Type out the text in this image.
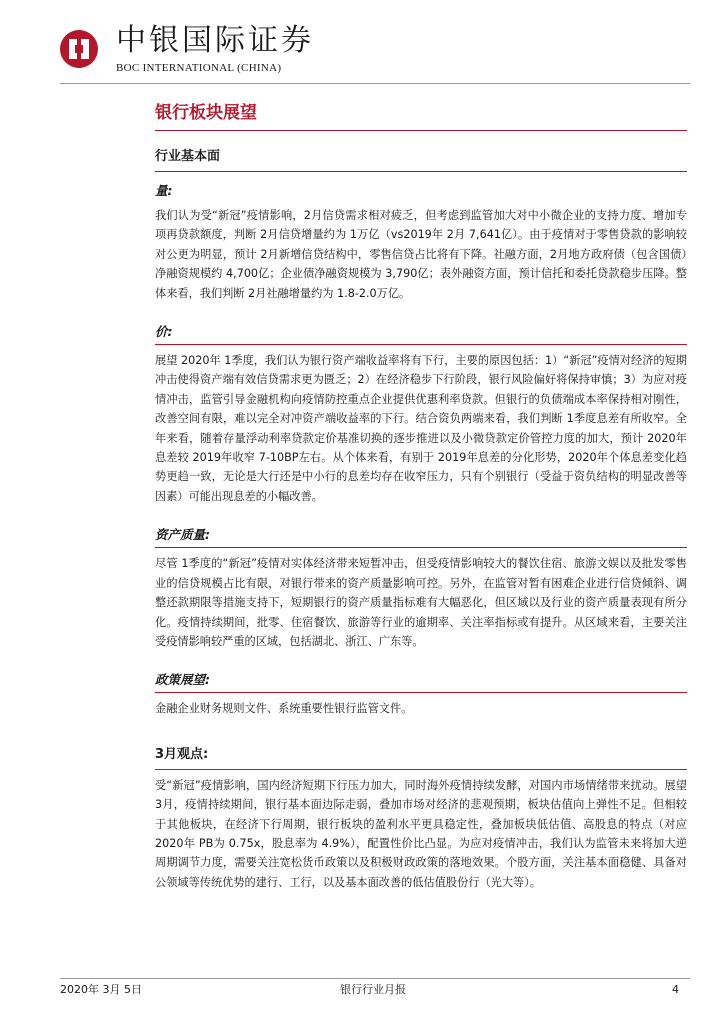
中银国际证券
BOC INTERNATIONAL (CHINA)
银行板块展望
行业基本面
量:

我们认为受“新冠”疫情影响，2月信贷需求相对疲乏，但考虑到监管加大对中小微企业的支持力度、增加专项再贷款额度，判断 2月信贷增量约为 1万亿（vs2019年 2月 7,641亿）。由于疫情对于零售贷款的影响较对公更为明显，预计 2月新增信贷结构中，零售信贷占比将有下降。社融方面，2月地方政府债（包含国债）净融资规模约 4,700亿；企业债净融资规模为 3,790亿；表外融资方面，预计信托和委托贷款稳步压降。整体来看，我们判断 2月社融增量约为 1.8-2.0万亿。

价:

展望 2020年 1季度，我们认为银行资产端收益率将有下行，主要的原因包括：1）“新冠”疫情对经济的短期冲击使得资产端有效信贷需求更为匮乏；2）在经济稳步下行阶段，银行风险偏好将保持审慎；3）为应对疫情冲击，监管引导金融机构向疫情防控重点企业提供优惠利率贷款。但银行的负债端成本率保持相对刚性，改善空间有限，难以完全对冲资产端收益率的下行。结合资负两端来看，我们判断 1季度息差有所收窄。全年来看，随着存量浮动利率贷款定价基准切换的逐步推进以及小微贷款定价管控力度的加大，预计 2020年息差较 2019年收窄 7-10BP左右。从个体来看，有别于 2019年息差的分化形势，2020年个体息差变化趋势更趋一致，无论是大行还是中小行的息差均存在收窄压力，只有个别银行（受益于资负结构的明显改善等因素）可能出现息差的小幅改善。

资产质量:

尽管 1季度的“新冠”疫情对实体经济带来短暂冲击，但受疫情影响较大的餐饮住宿、旅游文娱以及批发零售业的信贷规模占比有限，对银行带来的资产质量影响可控。另外，在监管对暂有困难企业进行信贷倾斜、调整还款期限等措施支持下，短期银行的资产质量指标难有大幅恶化，但区域以及行业的资产质量表现有所分化。疫情持续期间，批零、住宿餐饮、旅游等行业的逾期率、关注率指标或有提升。从区域来看，主要关注受疫情影响较严重的区域，包括湖北、浙江、广东等。

政策展望:

金融企业财务规则文件、系统重要性银行监管文件。

3月观点:

受“新冠”疫情影响，国内经济短期下行压力加大，同时海外疫情持续发酵，对国内市场情绪带来扰动。展望 3月，疫情持续期间，银行基本面边际走弱，叠加市场对经济的悲观预期，板块估值向上弹性不足。但相较于其他板块，在经济下行周期，银行板块的盈利水平更具稳定性，叠加板块低估值、高股息的特点（对应 2020年 PB为 0.75x，股息率为 4.9%），配置性价比凸显。为应对疫情冲击，我们认为监管未来将加大逆周期调节力度，需要关注宽松货币政策以及积极财政政策的落地效果。个股方面，关注基本面稳健、具备对公领域等传统优势的建行、工行，以及基本面改善的低估值股份行（光大等）。

2020年 3月 5日	银行行业月报	4
